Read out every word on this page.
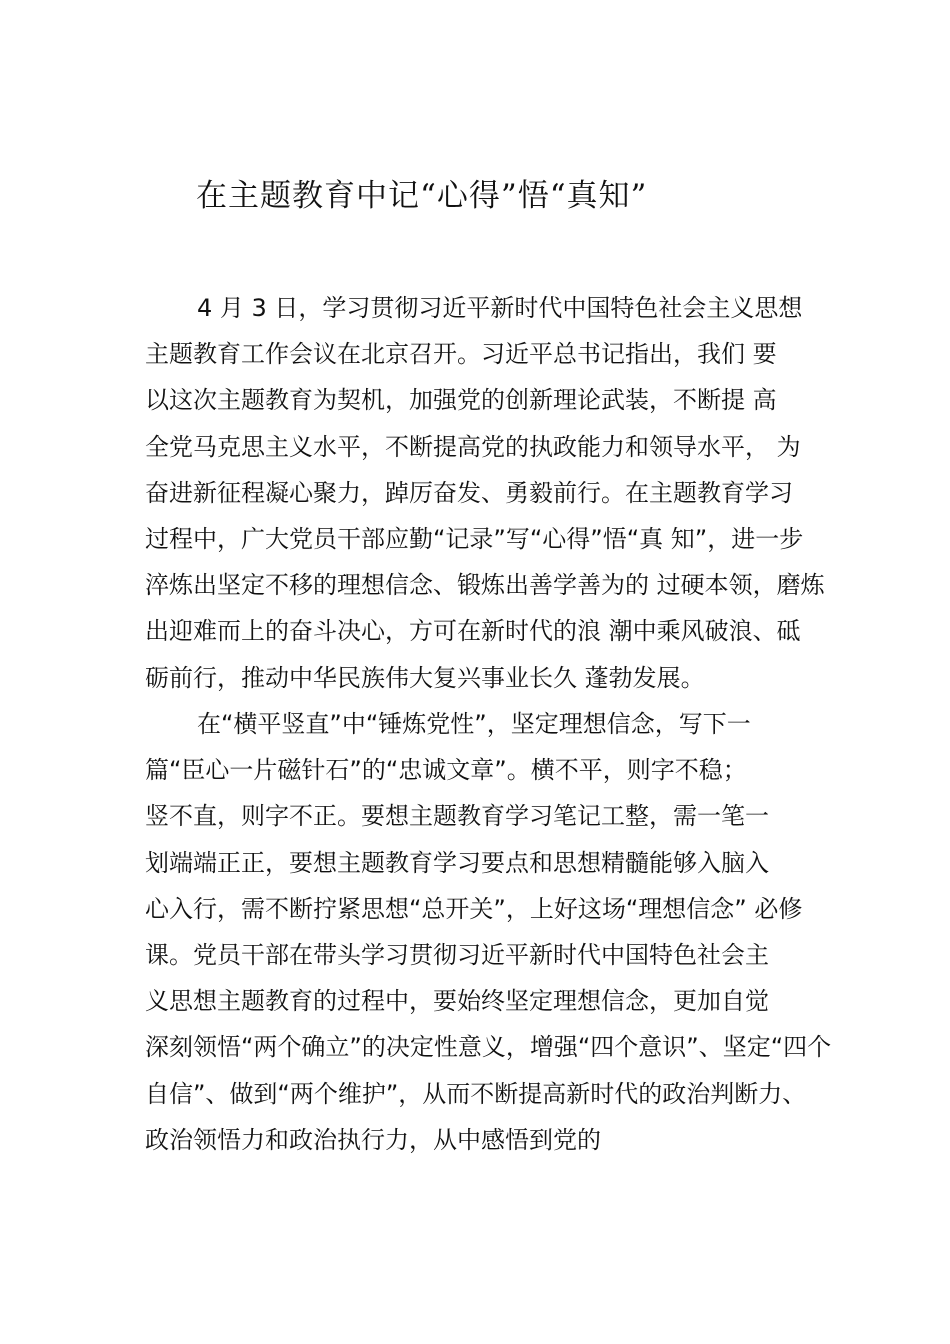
在主题教育中记“心得”悟“真知”
4 月 3 日，学习贯彻习近平新时代中国特色社会主义思想
主题教育工作会议在北京召开。习近平总书记指出，我们 要
以这次主题教育为契机，加强党的创新理论武装，不断提 高
全党马克思主义水平，不断提高党的执政能力和领导水平， 为
奋进新征程凝心聚力，踔厉奋发、勇毅前行。在主题教育学习
过程中，广大党员干部应勤“记录”写“心得”悟“真 知”，进一步
淬炼出坚定不移的理想信念、锻炼出善学善为的 过硬本领，磨炼
出迎难而上的奋斗决心，方可在新时代的浪 潮中乘风破浪、砥
砺前行，推动中华民族伟大复兴事业长久 蓬勃发展。
在“横平竖直”中“锤炼党性”，坚定理想信念，写下一
篇“臣心一片磁针石”的“忠诚文章”。横不平，则字不稳；
竖不直，则字不正。要想主题教育学习笔记工整，需一笔一
划端端正正，要想主题教育学习要点和思想精髓能够入脑入
心入行，需不断拧紧思想“总开关”，上好这场“理想信念” 必修
课。党员干部在带头学习贯彻习近平新时代中国特色社会主
义思想主题教育的过程中，要始终坚定理想信念，更加自觉
深刻领悟“两个确立”的决定性意义，增强“四个意识”、坚定“四个
自信”、做到“两个维护”，从而不断提高新时代的政治判断力、
政治领悟力和政治执行力，从中感悟到党的
